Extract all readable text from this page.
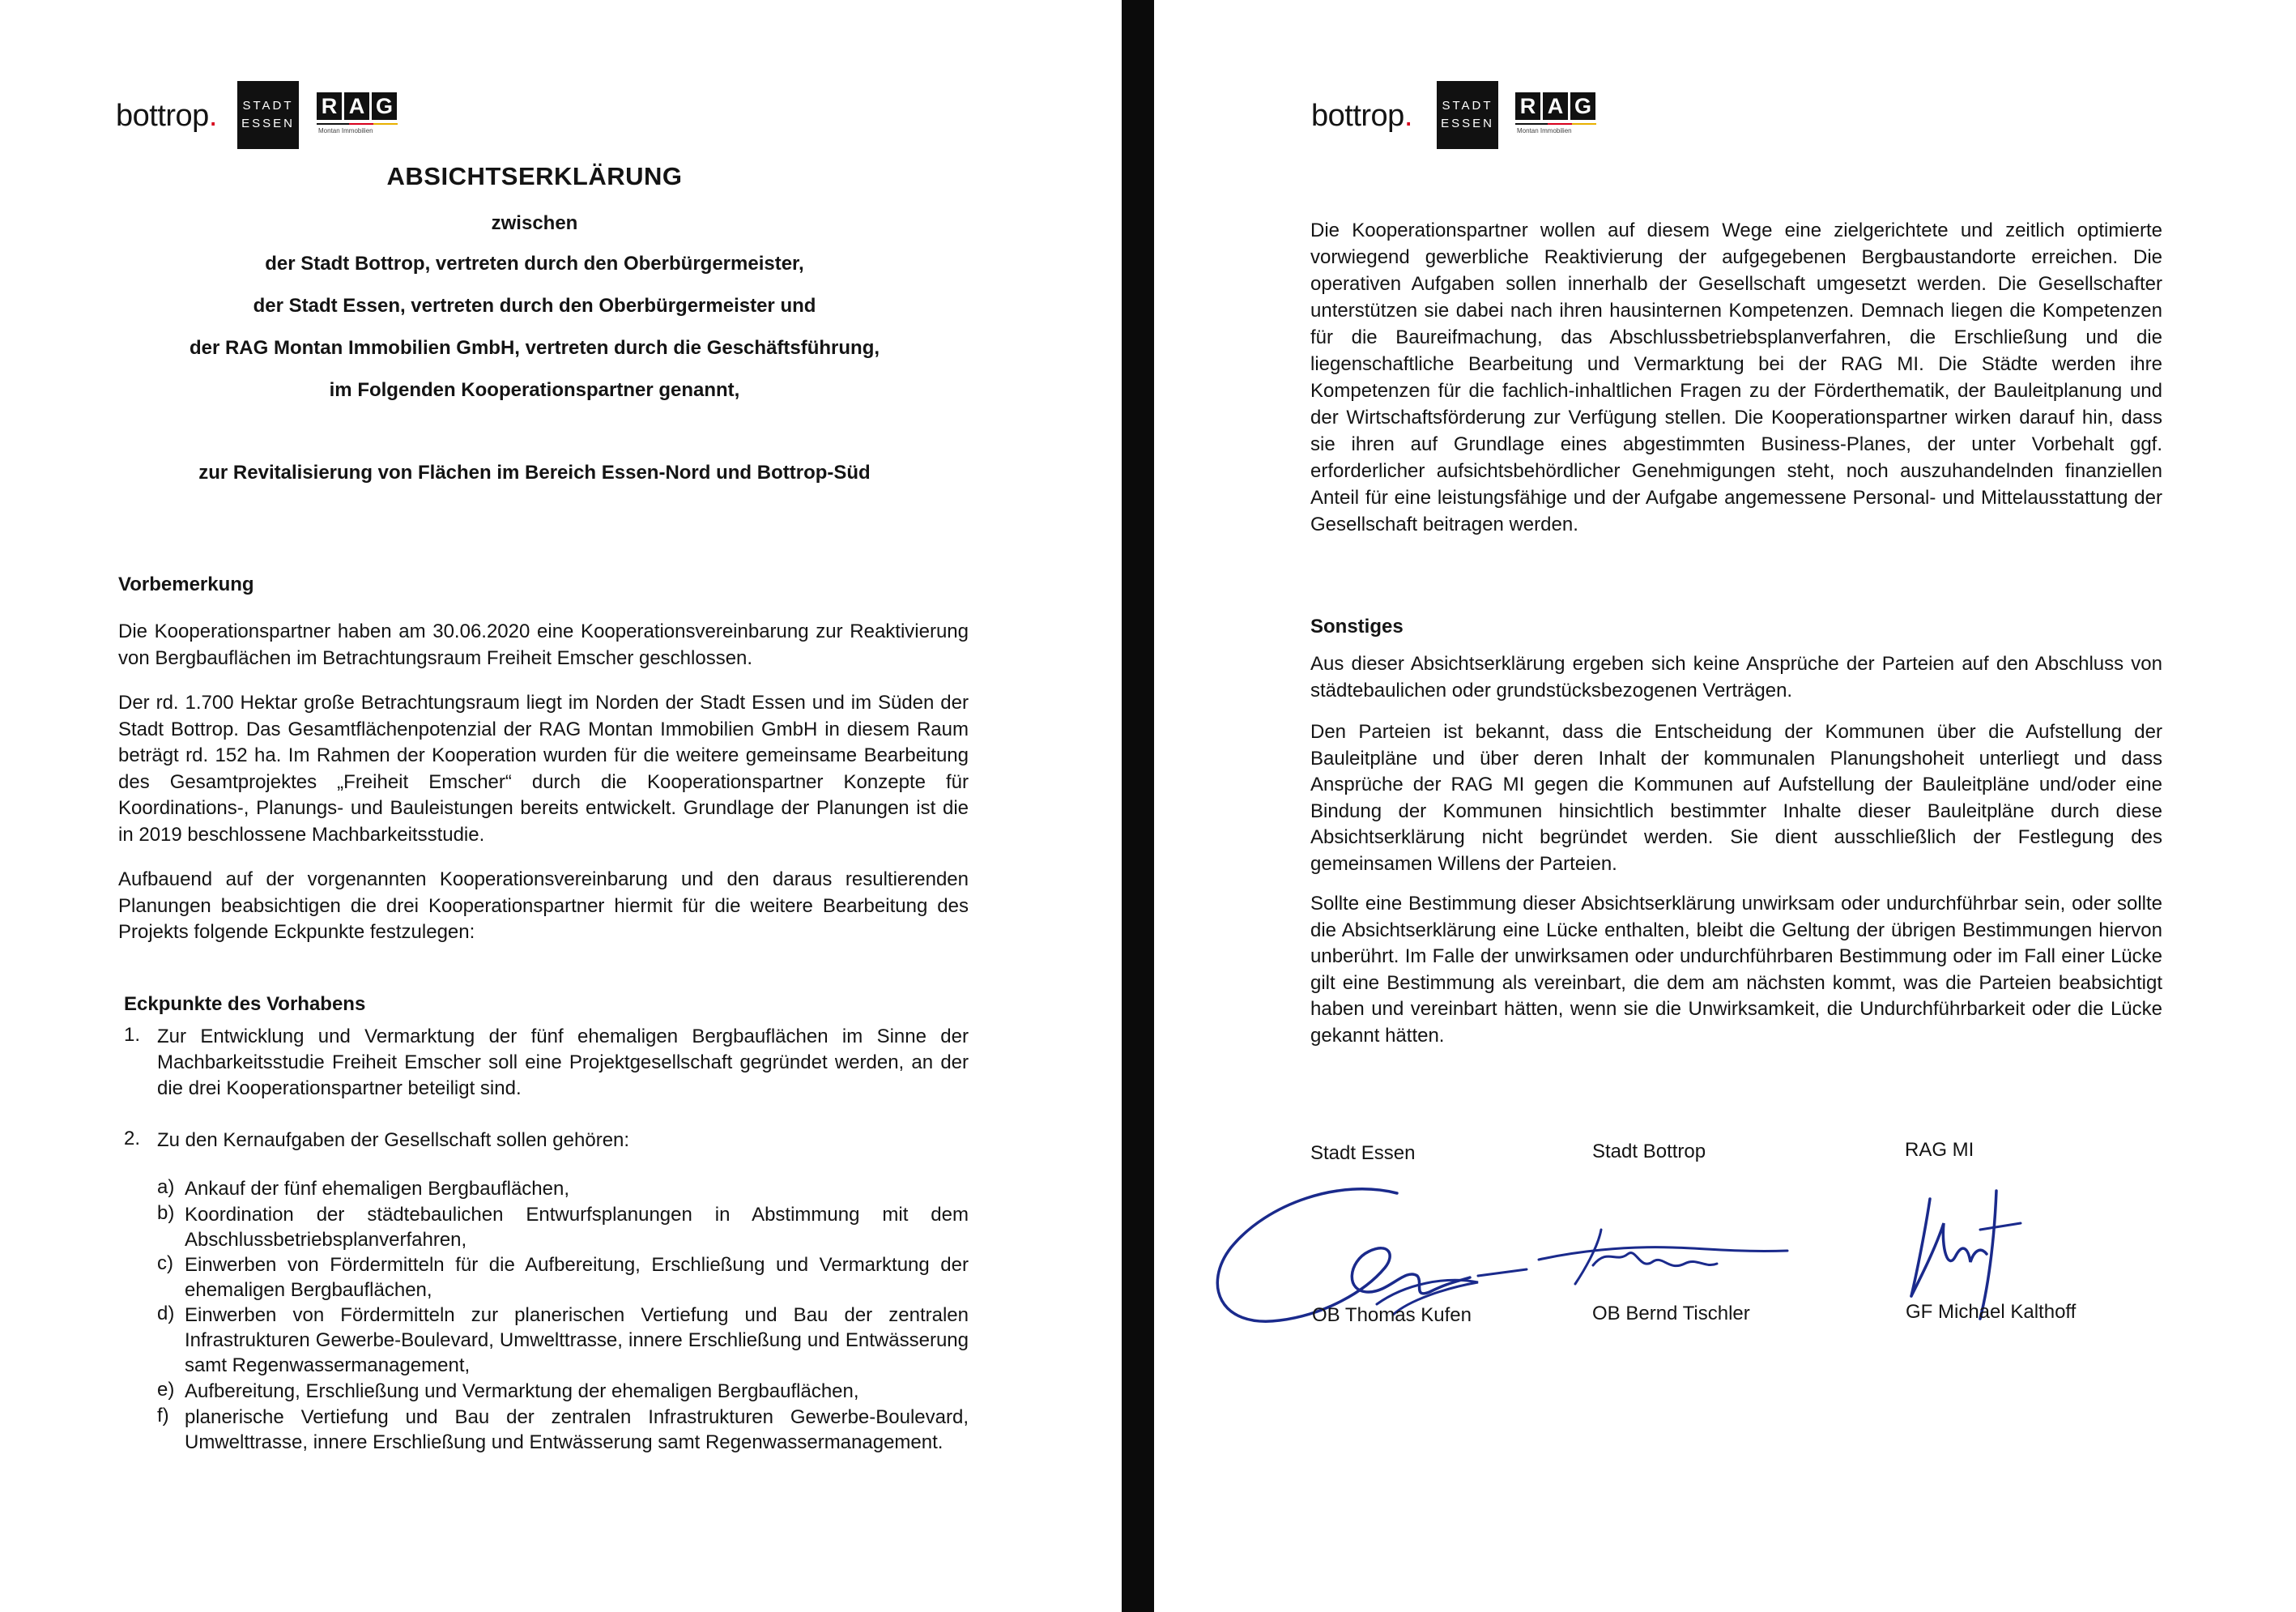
bottrop. STADT
ESSEN
R A G
Montan Immobilien
ABSICHTSERKLÄRUNG
zwischen
der Stadt Bottrop, vertreten durch den Oberbürgermeister,
der Stadt Essen, vertreten durch den Oberbürgermeister und
der RAG Montan Immobilien GmbH, vertreten durch die Geschäftsführung,
im Folgenden Kooperationspartner genannt,
zur Revitalisierung von Flächen im Bereich Essen-Nord und Bottrop-Süd
Vorbemerkung
Die Kooperationspartner haben am 30.06.2020 eine Kooperationsvereinbarung zur Reaktivierung von Bergbauflächen im Betrachtungsraum Freiheit Emscher geschlossen.
Der rd. 1.700 Hektar große Betrachtungsraum liegt im Norden der Stadt Essen und im Süden der Stadt Bottrop. Das Gesamtflächenpotenzial der RAG Montan Immobilien GmbH in diesem Raum beträgt rd. 152 ha. Im Rahmen der Kooperation wurden für die weitere gemeinsame Bearbeitung des Gesamtprojektes „Freiheit Emscher“ durch die Kooperationspartner Konzepte für Koordinations-, Planungs- und Bauleistungen bereits entwickelt. Grundlage der Planungen ist die in 2019 beschlossene Machbarkeitsstudie.
Aufbauend auf der vorgenannten Kooperationsvereinbarung und den daraus resultierenden Planungen beabsichtigen die drei Kooperationspartner hiermit für die weitere Bearbeitung des Projekts folgende Eckpunkte festzulegen:
Eckpunkte des Vorhabens
1. Zur Entwicklung und Vermarktung der fünf ehemaligen Bergbauflächen im Sinne der Machbarkeitsstudie Freiheit Emscher soll eine Projektgesellschaft gegründet werden, an der die drei Kooperationspartner beteiligt sind.
2. Zu den Kernaufgaben der Gesellschaft sollen gehören:
a) Ankauf der fünf ehemaligen Bergbauflächen,
b) Koordination der städtebaulichen Entwurfsplanungen in Abstimmung mit dem Abschlussbetriebsplanverfahren,
c) Einwerben von Fördermitteln für die Aufbereitung, Erschließung und Vermarktung der ehemaligen Bergbauflächen,
d) Einwerben von Fördermitteln zur planerischen Vertiefung und Bau der zentralen Infrastrukturen Gewerbe-Boulevard, Umwelttrasse, innere Erschließung und Entwässerung samt Regenwassermanagement,
e) Aufbereitung, Erschließung und Vermarktung der ehemaligen Bergbauflächen,
f) planerische Vertiefung und Bau der zentralen Infrastrukturen Gewerbe-Boulevard, Umwelttrasse, innere Erschließung und Entwässerung samt Regenwassermanagement.
bottrop. STADT
ESSEN
R A G
Montan Immobilien
Die Kooperationspartner wollen auf diesem Wege eine zielgerichtete und zeitlich optimierte vorwiegend gewerbliche Reaktivierung der aufgegebenen Bergbaustandorte erreichen. Die operativen Aufgaben sollen innerhalb der Gesellschaft umgesetzt werden. Die Gesellschafter unterstützen sie dabei nach ihren hausinternen Kompetenzen. Demnach liegen die Kompetenzen für die Baureifmachung, das Abschlussbetriebsplanverfahren, die Erschließung und die liegenschaftliche Bearbeitung und Vermarktung bei der RAG MI. Die Städte werden ihre Kompetenzen für die fachlich-inhaltlichen Fragen zu der Förderthematik, der Bauleitplanung und der Wirtschaftsförderung zur Verfügung stellen. Die Kooperationspartner wirken darauf hin, dass sie ihren auf Grundlage eines abgestimmten Business-Planes, der unter Vorbehalt ggf. erforderlicher aufsichtsbehördlicher Genehmigungen steht, noch auszuhandelnden finanziellen Anteil für eine leistungsfähige und der Aufgabe angemessene Personal- und Mittelausstattung der Gesellschaft beitragen werden.
Sonstiges
Aus dieser Absichtserklärung ergeben sich keine Ansprüche der Parteien auf den Abschluss von städtebaulichen oder grundstücksbezogenen Verträgen.
Den Parteien ist bekannt, dass die Entscheidung der Kommunen über die Aufstellung der Bauleitpläne und über deren Inhalt der kommunalen Planungshoheit unterliegt und dass Ansprüche der RAG MI gegen die Kommunen auf Aufstellung der Bauleitpläne und/oder eine Bindung der Kommunen hinsichtlich bestimmter Inhalte dieser Bauleitpläne durch diese Absichtserklärung nicht begründet werden. Sie dient ausschließlich der Festlegung des gemeinsamen Willens der Parteien.
Sollte eine Bestimmung dieser Absichtserklärung unwirksam oder undurchführbar sein, oder sollte die Absichtserklärung eine Lücke enthalten, bleibt die Geltung der übrigen Bestimmungen hiervon unberührt. Im Falle der unwirksamen oder undurchführbaren Bestimmung oder im Fall einer Lücke gilt eine Bestimmung als vereinbart, die dem am nächsten kommt, was die Parteien beabsichtigt haben und vereinbart hätten, wenn sie die Unwirksamkeit, die Undurchführbarkeit oder die Lücke gekannt hätten.
Stadt Essen	Stadt Bottrop	RAG MI
OB Thomas Kufen	OB Bernd Tischler	GF Michael Kalthoff
